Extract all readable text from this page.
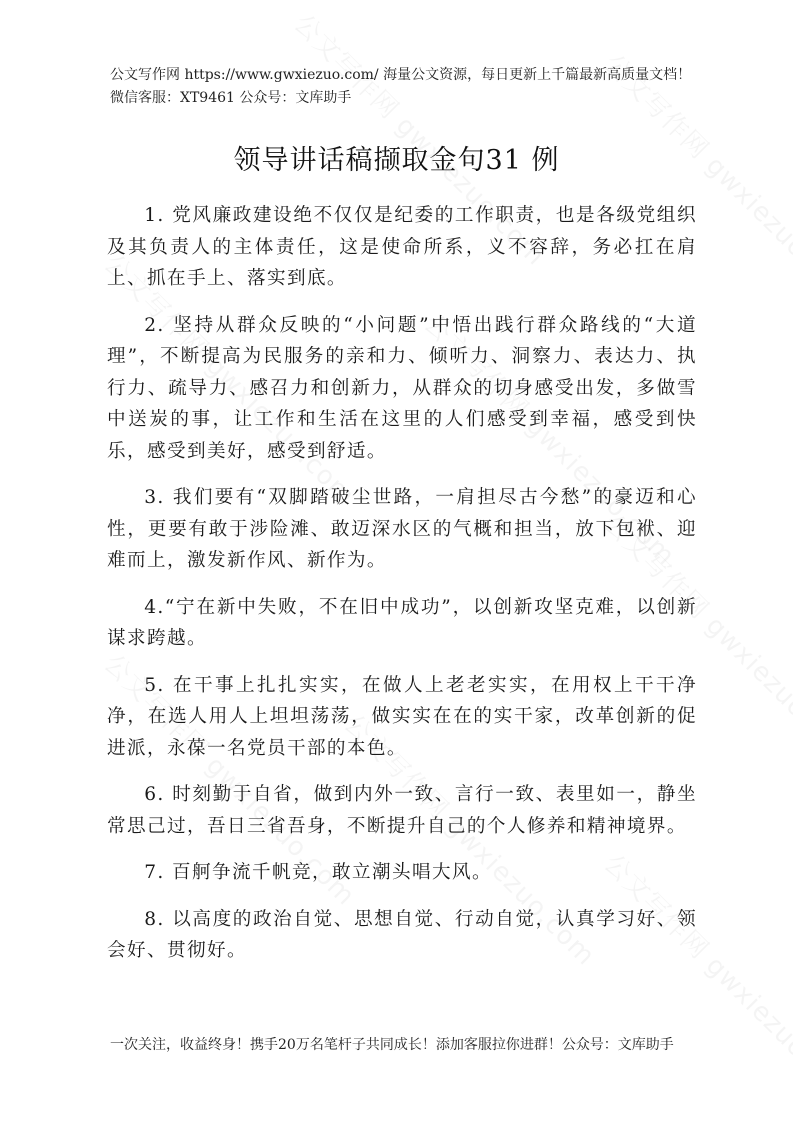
公文写作网 https://www.gwxiezuo.com/ 海量公文资源，每日更新上千篇最新高质量文档！微信客服：XT9461 公众号：文库助手
领导讲话稿撷取金句31 例

1. 党风廉政建设绝不仅仅是纪委的工作职责，也是各级党组织及其负责人的主体责任，这是使命所系，义不容辞，务必扛在肩上、抓在手上、落实到底。

2. 坚持从群众反映的“小问题”中悟出践行群众路线的“大道理”，不断提高为民服务的亲和力、倾听力、洞察力、表达力、执行力、疏导力、感召力和创新力，从群众的切身感受出发，多做雪中送炭的事，让工作和生活在这里的人们感受到幸福，感受到快乐，感受到美好，感受到舒适。

3. 我们要有“双脚踏破尘世路，一肩担尽古今愁”的豪迈和心性，更要有敢于涉险滩、敢迈深水区的气概和担当，放下包袱、迎难而上，激发新作风、新作为。

4.“宁在新中失败，不在旧中成功”，以创新攻坚克难，以创新谋求跨越。

5. 在干事上扎扎实实，在做人上老老实实，在用权上干干净净，在选人用人上坦坦荡荡，做实实在在的实干家，改革创新的促进派，永葆一名党员干部的本色。

6. 时刻勤于自省，做到内外一致、言行一致、表里如一，静坐常思己过，吾日三省吾身，不断提升自己的个人修养和精神境界。

7. 百舸争流千帆竞，敢立潮头唱大风。

8. 以高度的政治自觉、思想自觉、行动自觉，认真学习好、领会好、贯彻好。

一次关注，收益终身！携手20万名笔杆子共同成长！添加客服拉你进群！公众号：文库助手
